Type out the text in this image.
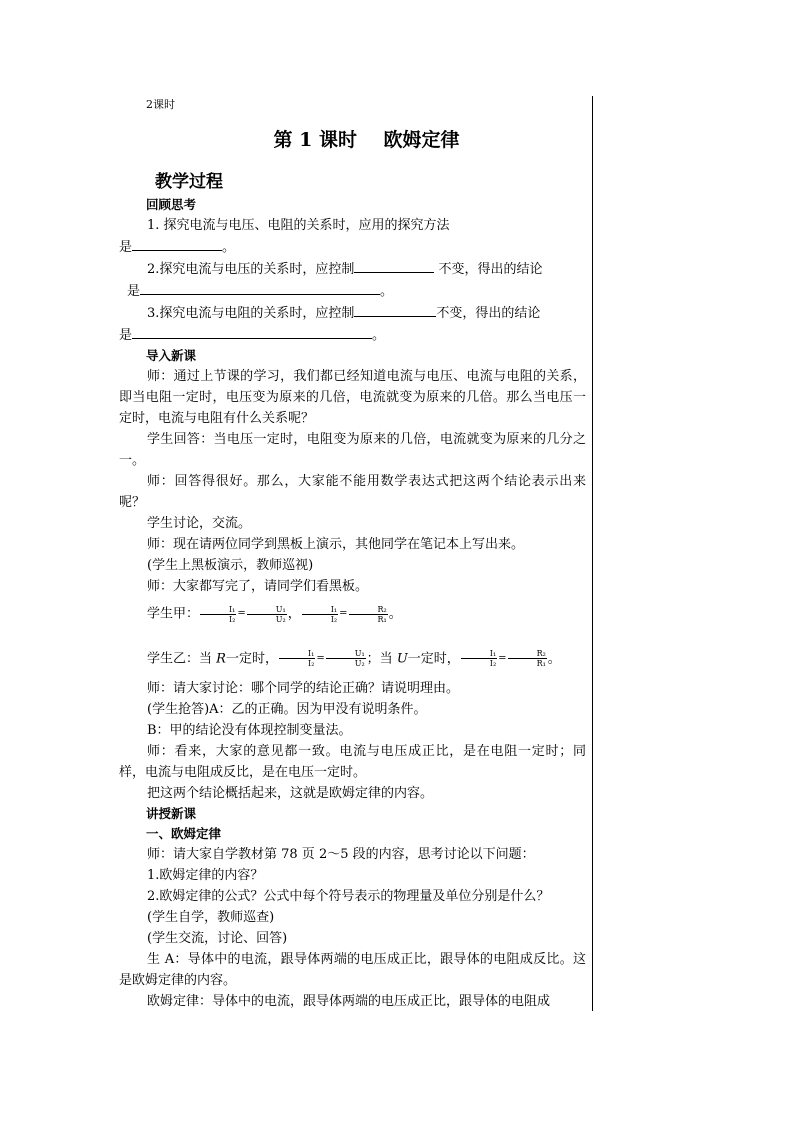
2课时
第 1 课时    欧姆定律
教学过程
回顾思考

1. 探究电流与电压、电阻的关系时，应用的探究方法

是	。

2.探究电流与电压的关系时，应控制	不变，得出的结论

是	。

3.探究电流与电阻的关系时，应控制	不变，得出的结论

是	。

导入新课

师：通过上节课的学习，我们都已经知道电流与电压、电流与电阻的关系，即当电阻一定时，电压变为原来的几倍，电流就变为原来的几倍。那么当电压一定时，电流与电阻有什么关系呢？

学生回答：当电压一定时，电阻变为原来的几倍，电流就变为原来的几分之一。

师：回答得很好。那么，大家能不能用数学表达式把这两个结论表示出来呢？

学生讨论，交流。

师：现在请两位同学到黑板上演示，其他同学在笔记本上写出来。

(学生上黑板演示，教师巡视)

师：大家都写完了，请同学们看黑板。

学生甲： $\frac{\text{I₁}}{\text{I₂}} = \frac{\text{U₁}}{\text{U₂}}$ ， $\frac{\text{I₁}}{\text{I₂}} = \frac{\text{R₂}}{\text{R₁}}$ 。

学生乙：当 R一定时， $\frac{\text{I₁}}{\text{I₂}} = \frac{\text{U₁}}{\text{U₂}}$ ；当 U一定时， $\frac{\text{I₁}}{\text{I₂}} = \frac{\text{R₂}}{\text{R₁}}$ 。

师：请大家讨论：哪个同学的结论正确？请说明理由。

(学生抢答)A：乙的正确。因为甲没有说明条件。

B：甲的结论没有体现控制变量法。

师：看来，大家的意见都一致。电流与电压成正比，是在电阻一定时；同样，电流与电阻成反比，是在电压一定时。

把这两个结论概括起来，这就是欧姆定律的内容。

讲授新课
一、欧姆定律

师：请大家自学教材第 78 页 2～5 段的内容，思考讨论以下问题：

1.欧姆定律的内容？

2.欧姆定律的公式？公式中每个符号表示的物理量及单位分别是什么？

(学生自学，教师巡查)

(学生交流，讨论、回答)

生 A：导体中的电流，跟导体两端的电压成正比，跟导体的电阻成反比。这是欧姆定律的内容。

欧姆定律：导体中的电流，跟导体两端的电压成正比，跟导体的电阻成
